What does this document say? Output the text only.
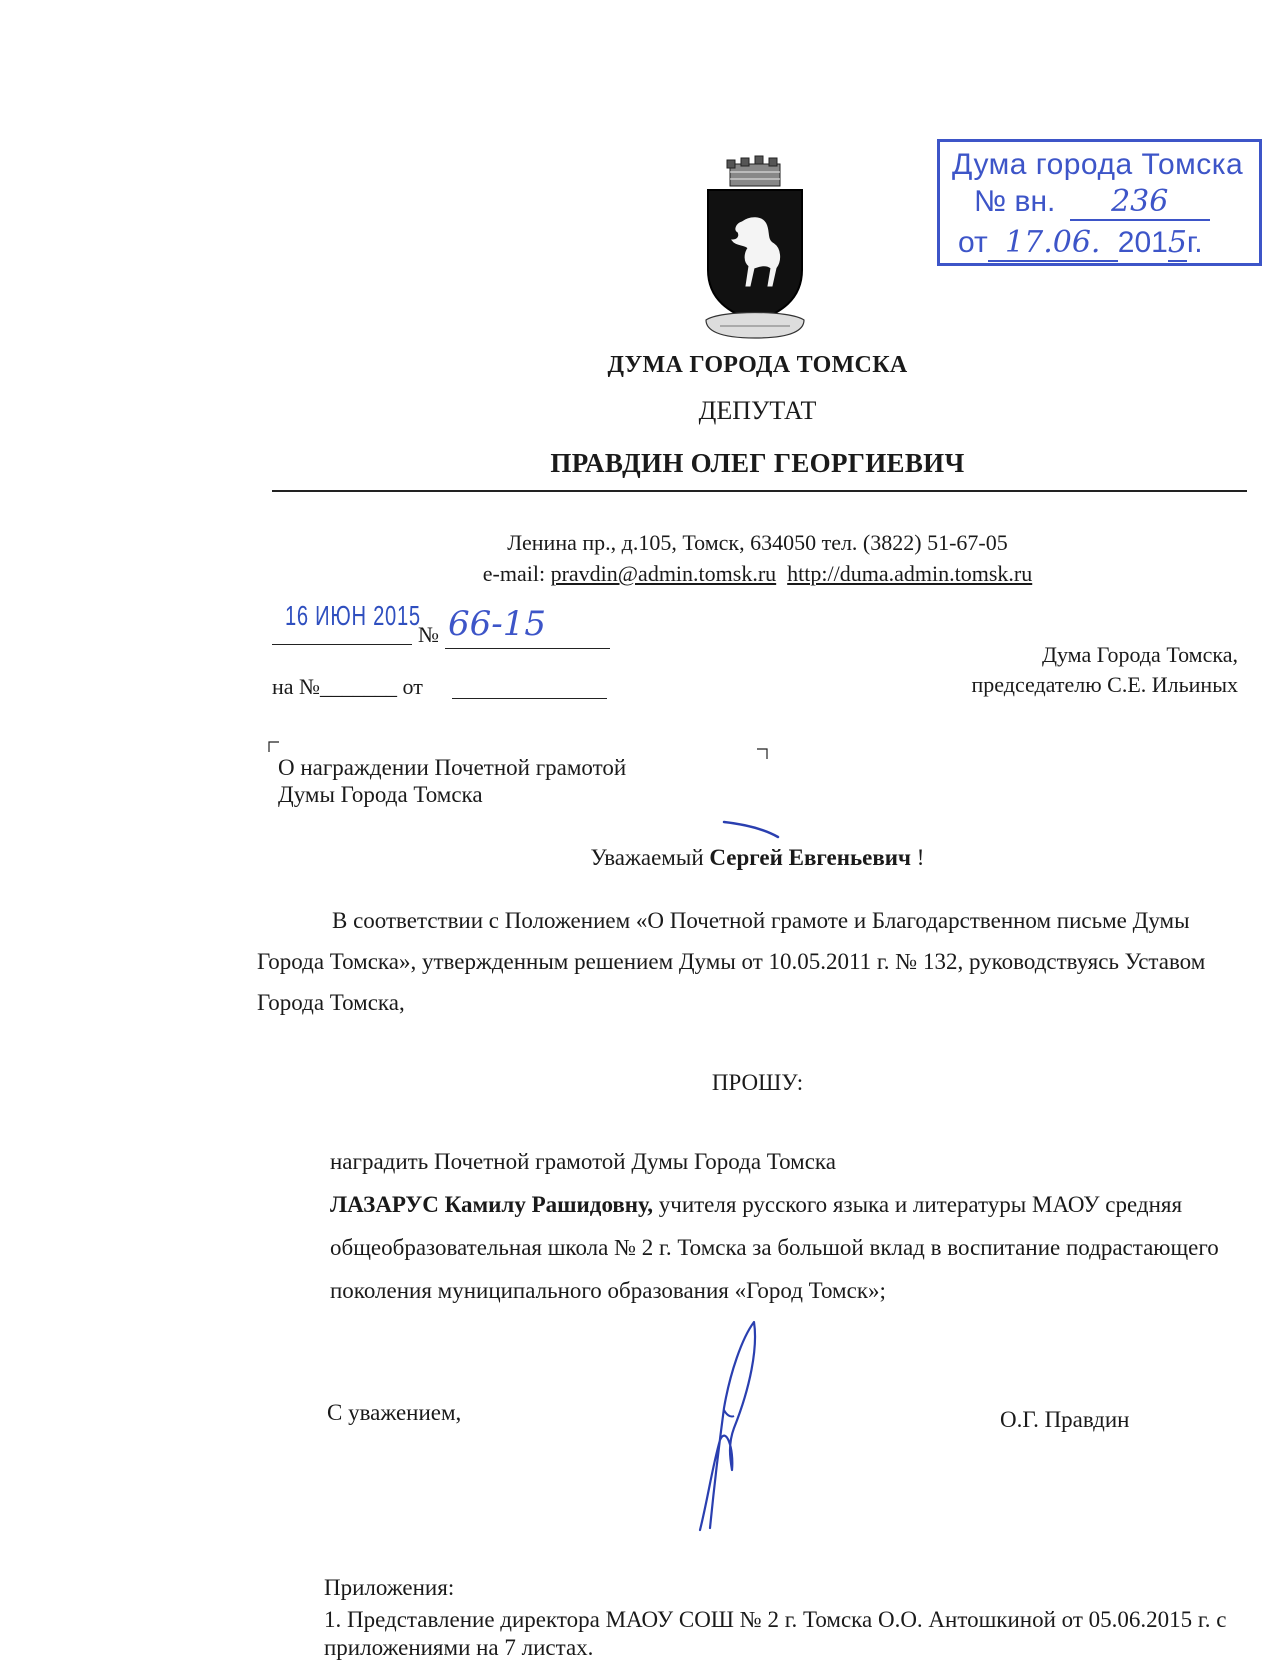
Дума города Томска
№ вн. 236
от 17.06. 2015г.
ДУМА ГОРОДА ТОМСКА
ДЕПУТАТ
ПРАВДИН ОЛЕГ ГЕОРГИЕВИЧ
Ленина пр., д.105, Томск, 634050 тел. (3822) 51-67-05
e-mail: pravdin@admin.tomsk.ru http://duma.admin.tomsk.ru
16 ИЮН 2015
№ 66-15
на №_______ от
Дума Города Томска,
председателю С.Е. Ильиных
О награждении Почетной грамотой
Думы Города Томска
Уважаемый Сергей Евгеньевич !
В соответствии с Положением «О Почетной грамоте и Благодарственном письме Думы Города Томска», утвержденным решением Думы от 10.05.2011 г. № 132, руководствуясь Уставом Города Томска,
ПРОШУ:
наградить Почетной грамотой Думы Города Томска
ЛАЗАРУС Камилу Рашидовну, учителя русского языка и литературы МАОУ средняя общеобразовательная школа № 2 г. Томска за большой вклад в воспитание подрастающего поколения муниципального образования «Город Томск»;
С уважением,	О.Г. Правдин
Приложения:
1. Представление директора МАОУ СОШ № 2 г. Томска О.О. Антошкиной от 05.06.2015 г. с приложениями на 7 листах.
